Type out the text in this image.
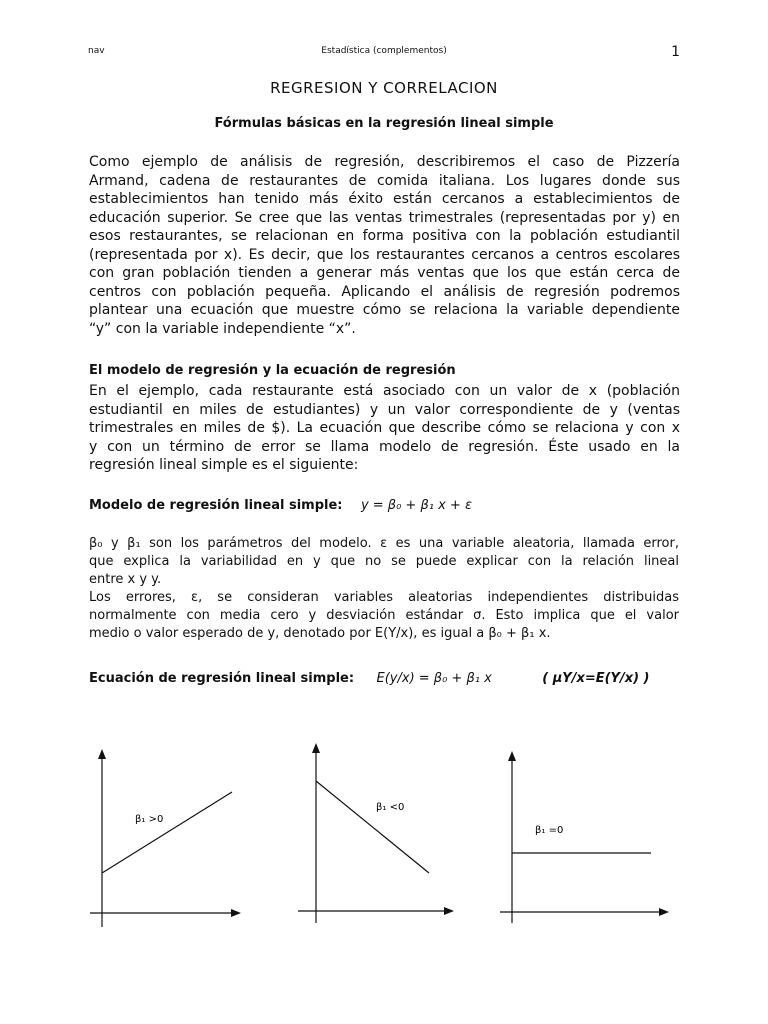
nav	Estadística (complementos)	1
REGRESION Y CORRELACION
Fórmulas básicas en la regresión lineal simple
Como ejemplo de análisis de regresión, describiremos el caso de Pizzería
Armand, cadena de restaurantes de comida italiana. Los lugares donde sus
establecimientos han tenido más éxito están cercanos a establecimientos de
educación superior. Se cree que las ventas trimestrales (representadas por y) en
esos restaurantes, se relacionan en forma positiva con la población estudiantil
(representada por x). Es decir, que los restaurantes cercanos a centros escolares
con gran población tienden a generar más ventas que los que están cerca de
centros con población pequeña. Aplicando el análisis de regresión podremos
plantear una ecuación que muestre cómo se relaciona la variable dependiente
“y” con la variable independiente “x”.
El modelo de regresión y la ecuación de regresión
En el ejemplo, cada restaurante está asociado con un valor de x (población
estudiantil en miles de estudiantes) y un valor correspondiente de y (ventas
trimestrales en miles de $). La ecuación que describe cómo se relaciona y con x
y con un término de error se llama modelo de regresión. Éste usado en la
regresión lineal simple es el siguiente:
Modelo de regresión lineal simple: y = β₀ + β₁ x + ε
β₀ y β₁ son los parámetros del modelo. ε es una variable aleatoria, llamada error,
que explica la variabilidad en y que no se puede explicar con la relación lineal
entre x y y.
Los errores, ε, se consideran variables aleatorias independientes distribuidas
normalmente con media cero y desviación estándar σ. Esto implica que el valor
medio o valor esperado de y, denotado por E(Y/x), es igual a β₀ + β₁ x.
Ecuación de regresión lineal simple: E(y/x) = β₀ + β₁ x	( μY/x=E(Y/x) )
β₁ >0
β₁ <0
β₁ =0
